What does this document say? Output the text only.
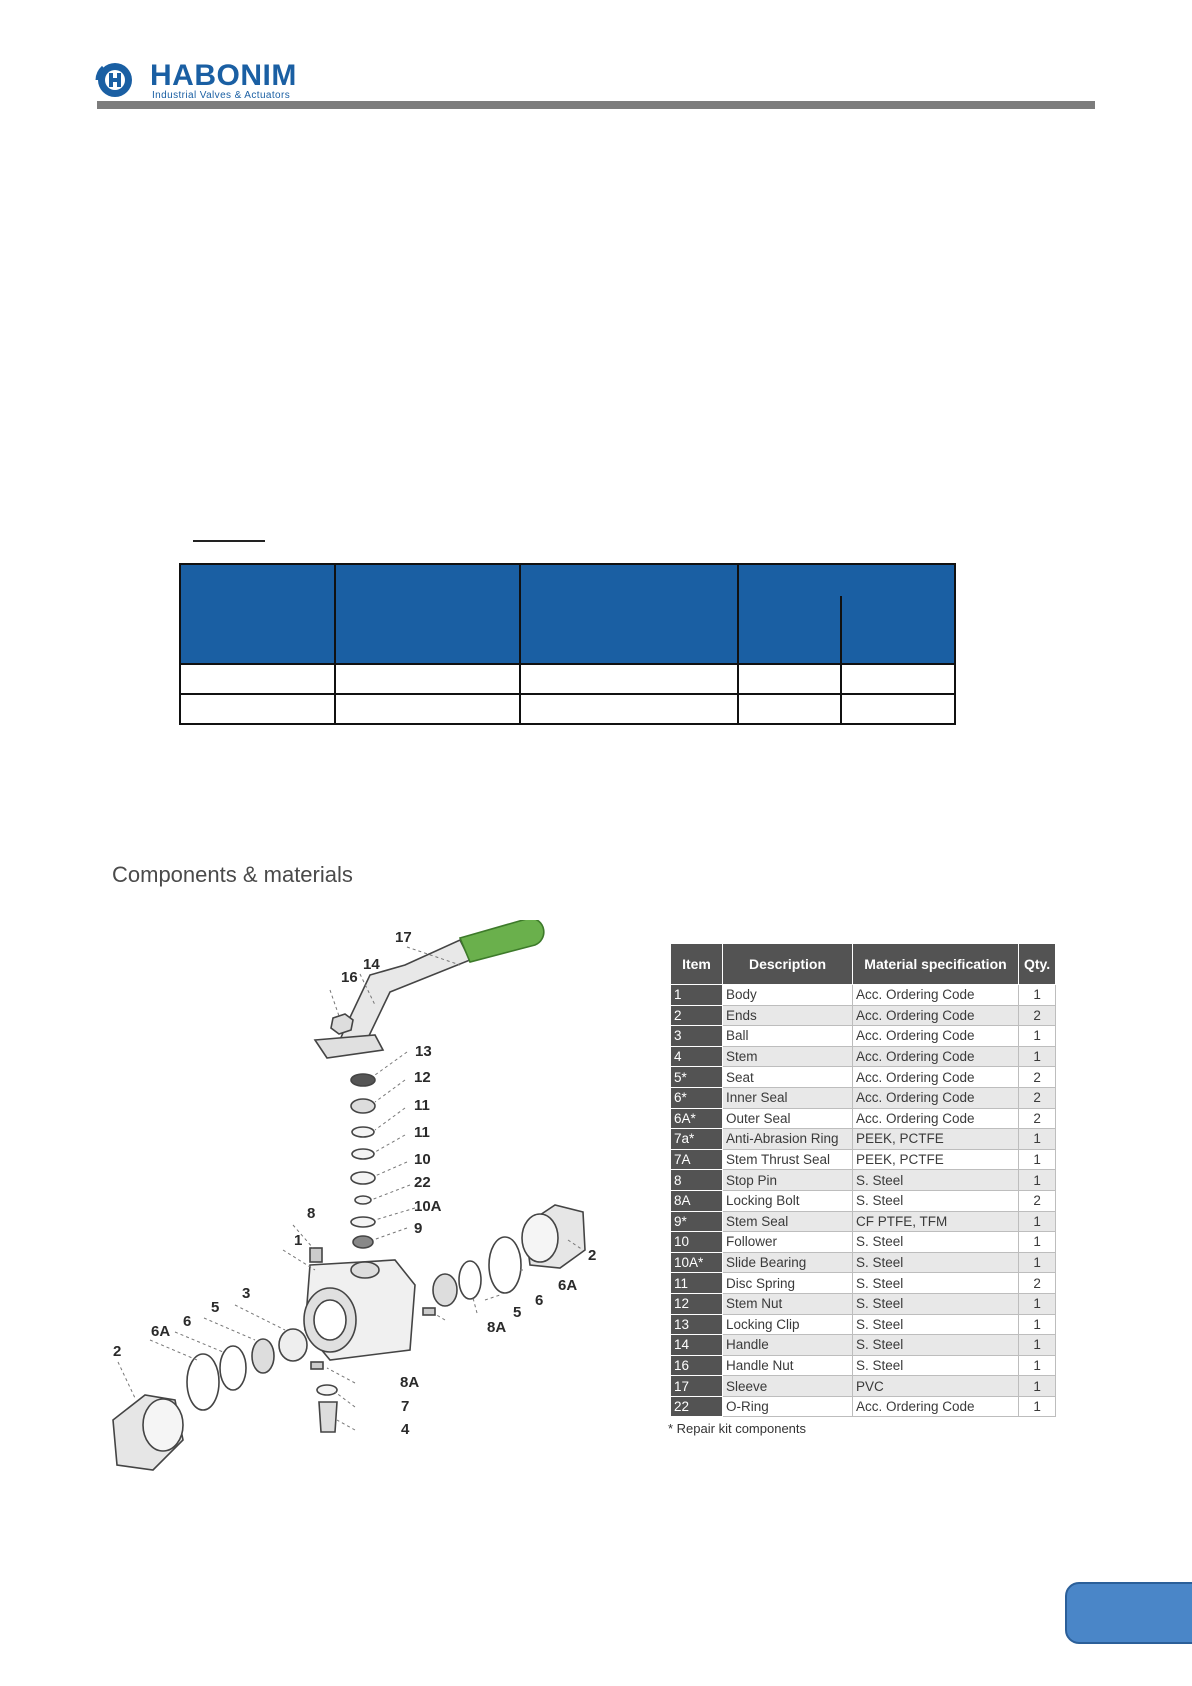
HABONIM
Industrial Valves & Actuators

Components & materials
17
14
16
13
12
11
11
10
22
10A
9
8
1
2
6A
6
5
8A
3
6A
6
5
2
8A
7
4
Item	Description	Material specification	Qty.
1	Body	Acc. Ordering Code	1
2	Ends	Acc. Ordering Code	2
3	Ball	Acc. Ordering Code	1
4	Stem	Acc. Ordering Code	1
5*	Seat	Acc. Ordering Code	2
6*	Inner Seal	Acc. Ordering Code	2
6A*	Outer Seal	Acc. Ordering Code	2
7a*	Anti-Abrasion Ring	PEEK, PCTFE	1
7A	Stem Thrust Seal	PEEK, PCTFE	1
8	Stop Pin	S. Steel	1
8A	Locking Bolt	S. Steel	2
9*	Stem Seal	CF PTFE, TFM	1
10	Follower	S. Steel	1
10A*	Slide Bearing	S. Steel	1
11	Disc Spring	S. Steel	2
12	Stem Nut	S. Steel	1
13	Locking Clip	S. Steel	1
14	Handle	S. Steel	1
16	Handle Nut	S. Steel	1
17	Sleeve	PVC	1
22	O-Ring	Acc. Ordering Code	1
* Repair kit components
